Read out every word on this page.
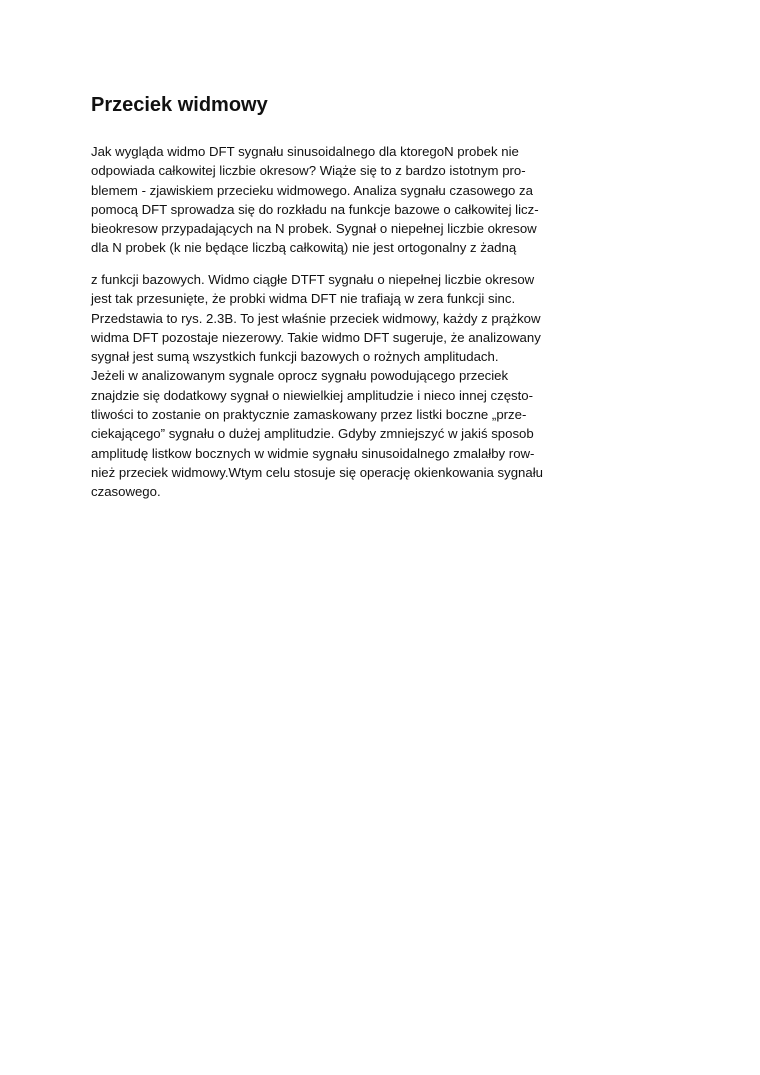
Przeciek widmowy

Jak wygląda widmo DFT sygnału sinusoidalnego dla ktoregoN probek nie
odpowiada całkowitej liczbie okresow? Wiąże się to z bardzo istotnym pro-
blemem - zjawiskiem przecieku widmowego. Analiza sygnału czasowego za
pomocą DFT sprowadza się do rozkładu na funkcje bazowe o całkowitej licz-
bieokresow przypadających na N probek. Sygnał o niepełnej liczbie okresow
dla N probek (k nie będące liczbą całkowitą) nie jest ortogonalny z żadną

z funkcji bazowych. Widmo ciągłe DTFT sygnału o niepełnej liczbie okresow
jest tak przesunięte, że probki widma DFT nie trafiają w zera funkcji sinc.
Przedstawia to rys. 2.3B. To jest właśnie przeciek widmowy, każdy z prążkow
widma DFT pozostaje niezerowy. Takie widmo DFT sugeruje, że analizowany
sygnał jest sumą wszystkich funkcji bazowych o rożnych amplitudach.
Jeżeli w analizowanym sygnale oprocz sygnału powodującego przeciek
znajdzie się dodatkowy sygnał o niewielkiej amplitudzie i nieco innej często-
tliwości to zostanie on praktycznie zamaskowany przez listki boczne „prze-
ciekającego” sygnału o dużej amplitudzie. Gdyby zmniejszyć w jakiś sposob
amplitudę listkow bocznych w widmie sygnału sinusoidalnego zmalałby row-
nież przeciek widmowy.Wtym celu stosuje się operację okienkowania sygnału
czasowego.
